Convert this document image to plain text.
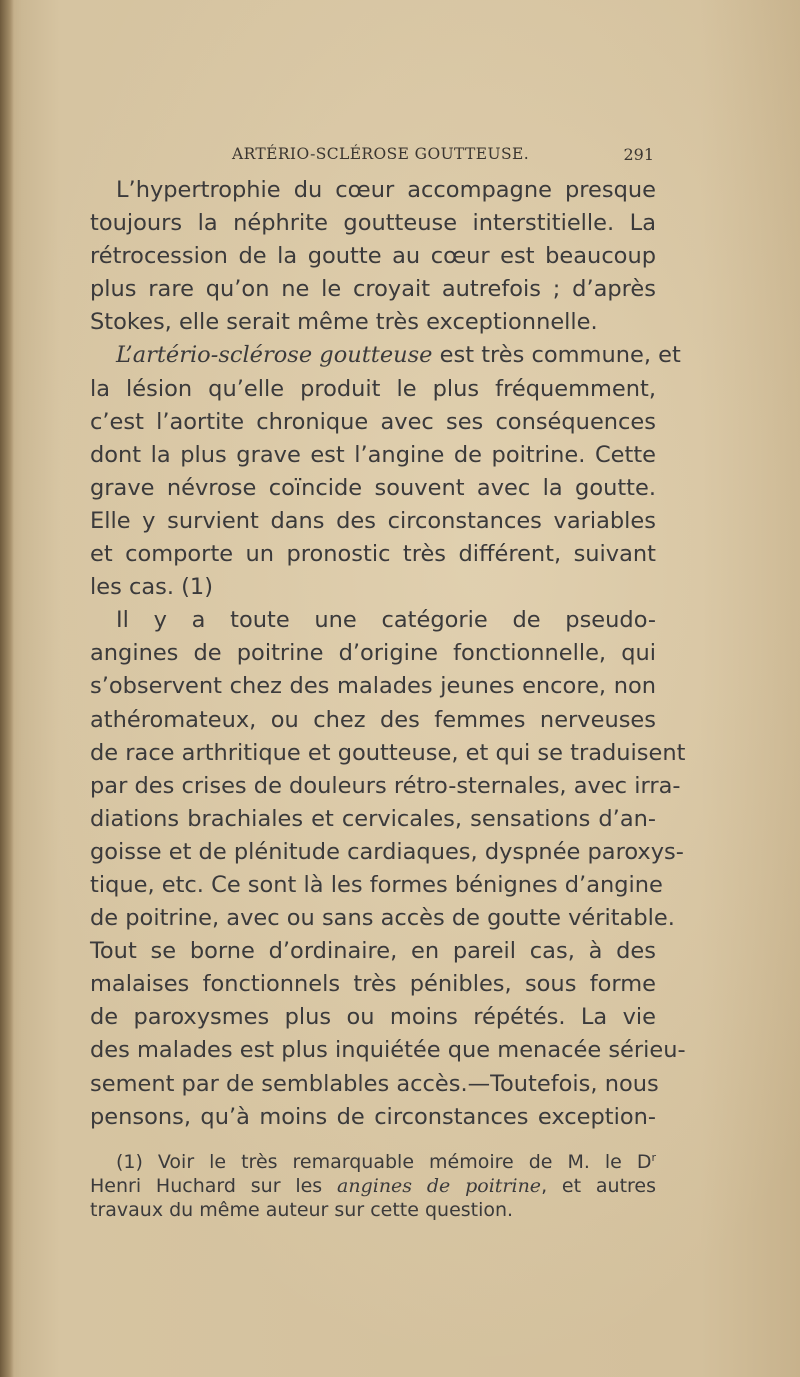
ARTÉRIO-SCLÉROSE GOUTTEUSE.	291
L’hypertrophie du cœur accompagne presque
toujours la néphrite goutteuse interstitielle. La
rétrocession de la goutte au cœur est beaucoup
plus rare qu’on ne le croyait autrefois ; d’après
Stokes, elle serait même très exceptionnelle.
L’artério-sclérose goutteuse est très commune, et
la lésion qu’elle produit le plus fréquemment,
c’est l’aortite chronique avec ses conséquences
dont la plus grave est l’angine de poitrine. Cette
grave névrose coïncide souvent avec la goutte.
Elle y survient dans des circonstances variables
et comporte un pronostic très différent, suivant
les cas. (1)
Il y a toute une catégorie de pseudo-
angines de poitrine d’origine fonctionnelle, qui
s’observent chez des malades jeunes encore, non
athéromateux, ou chez des femmes nerveuses
de race arthritique et goutteuse, et qui se traduisent
par des crises de douleurs rétro-sternales, avec irra-
diations brachiales et cervicales, sensations d’an-
goisse et de plénitude cardiaques, dyspnée paroxys-
tique, etc. Ce sont là les formes bénignes d’angine
de poitrine, avec ou sans accès de goutte véritable.
Tout se borne d’ordinaire, en pareil cas, à des
malaises fonctionnels très pénibles, sous forme
de paroxysmes plus ou moins répétés. La vie
des malades est plus inquiétée que menacée sérieu-
sement par de semblables accès.—Toutefois, nous
pensons, qu’à moins de circonstances exception-
(1) Voir le très remarquable mémoire de M. le $D^r$
Henri Huchard sur les angines de poitrine, et autres
travaux du même auteur sur cette question.
